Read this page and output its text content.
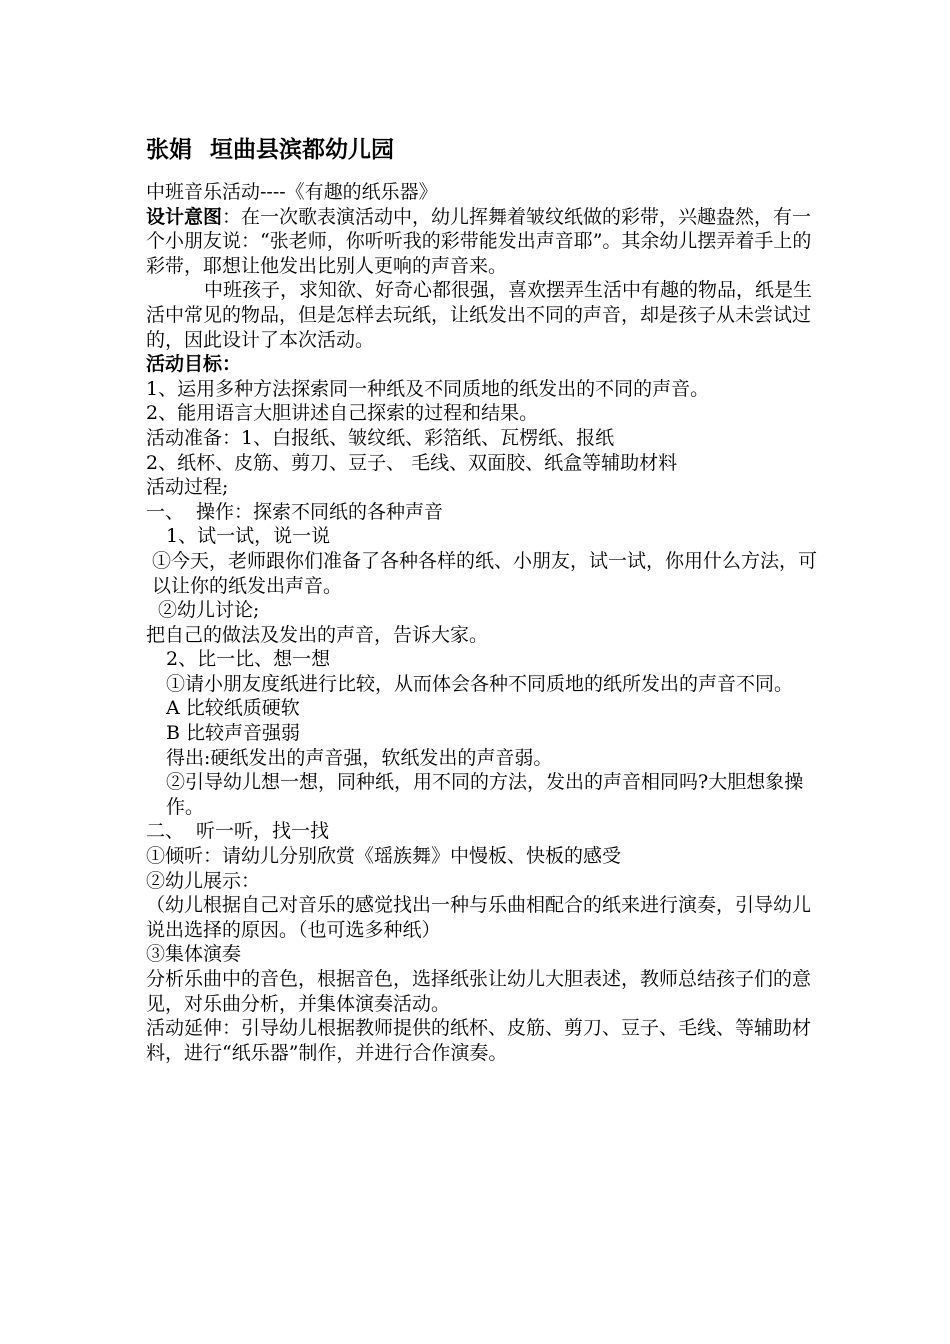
张娟 垣曲县滨都幼儿园

中班音乐活动----《有趣的纸乐器》

设计意图：在一次歌表演活动中，幼儿挥舞着皱纹纸做的彩带，兴趣盎然，有一个小朋友说：“张老师，你听听我的彩带能发出声音耶”。其余幼儿摆弄着手上的彩带，耶想让他发出比别人更响的声音来。

中班孩子，求知欲、好奇心都很强，喜欢摆弄生活中有趣的物品，纸是生活中常见的物品，但是怎样去玩纸，让纸发出不同的声音，却是孩子从未尝试过的，因此设计了本次活动。

活动目标：

1、运用多种方法探索同一种纸及不同质地的纸发出的不同的声音。

2、能用语言大胆讲述自己探索的过程和结果。

活动准备：1、白报纸、皱纹纸、彩箔纸、瓦楞纸、报纸

2、纸杯、皮筋、剪刀、豆子、 毛线、双面胶、纸盒等辅助材料

活动过程;

一、 操作：探索不同纸的各种声音

1、试一试，说一说

①今天，老师跟你们准备了各种各样的纸、小朋友，试一试，你用什么方法，可以让你的纸发出声音。

②幼儿讨论;

把自己的做法及发出的声音，告诉大家。

2、比一比、想一想

①请小朋友度纸进行比较，从而体会各种不同质地的纸所发出的声音不同。

A 比较纸质硬软

B 比较声音强弱

得出:硬纸发出的声音强，软纸发出的声音弱。

②引导幼儿想一想，同种纸，用不同的方法，发出的声音相同吗?大胆想象操作。

二、 听一听，找一找

①倾听：请幼儿分别欣赏《瑶族舞》中慢板、快板的感受

②幼儿展示：

（幼儿根据自己对音乐的感觉找出一种与乐曲相配合的纸来进行演奏，引导幼儿说出选择的原因。（也可选多种纸）

③集体演奏

分析乐曲中的音色，根据音色，选择纸张让幼儿大胆表述，教师总结孩子们的意见，对乐曲分析，并集体演奏活动。

活动延伸：引导幼儿根据教师提供的纸杯、皮筋、剪刀、豆子、毛线、等辅助材料，进行“纸乐器”制作，并进行合作演奏。
